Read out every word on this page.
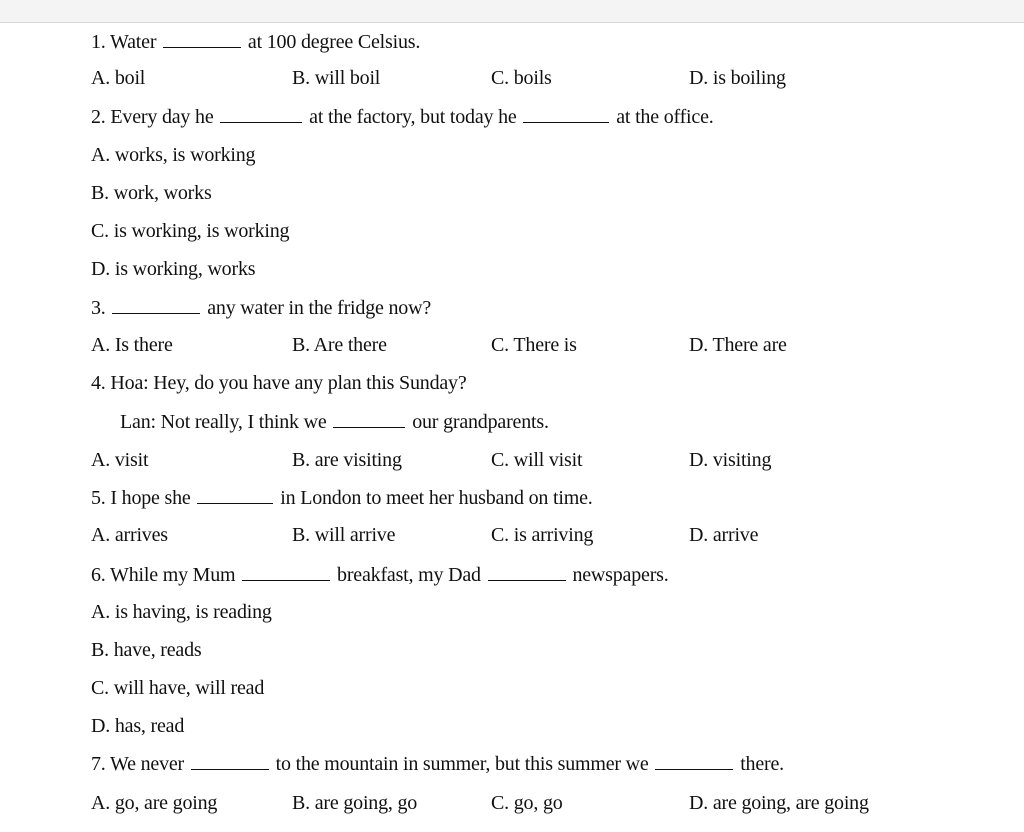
1. Water	at 100 degree Celsius.
A. boil	B. will boil	C. boils	D. is boiling
2. Every day he	at the factory, but today he	at the office.
A. works, is working
B. work, works
C. is working, is working
D. is working, works
3.	any water in the fridge now?
A. Is there	B. Are there	C. There is	D. There are
4. Hoa: Hey, do you have any plan this Sunday?
Lan: Not really, I think we	our grandparents.
A. visit	B. are visiting	C. will visit	D. visiting
5. I hope she	in London to meet her husband on time.
A. arrives	B. will arrive	C. is arriving	D. arrive
6. While my Mum	breakfast, my Dad	newspapers.
A. is having, is reading
B. have, reads
C. will have, will read
D. has, read
7. We never	to the mountain in summer, but this summer we	there.
A. go, are going	B. are going, go	C. go, go	D. are going, are going
